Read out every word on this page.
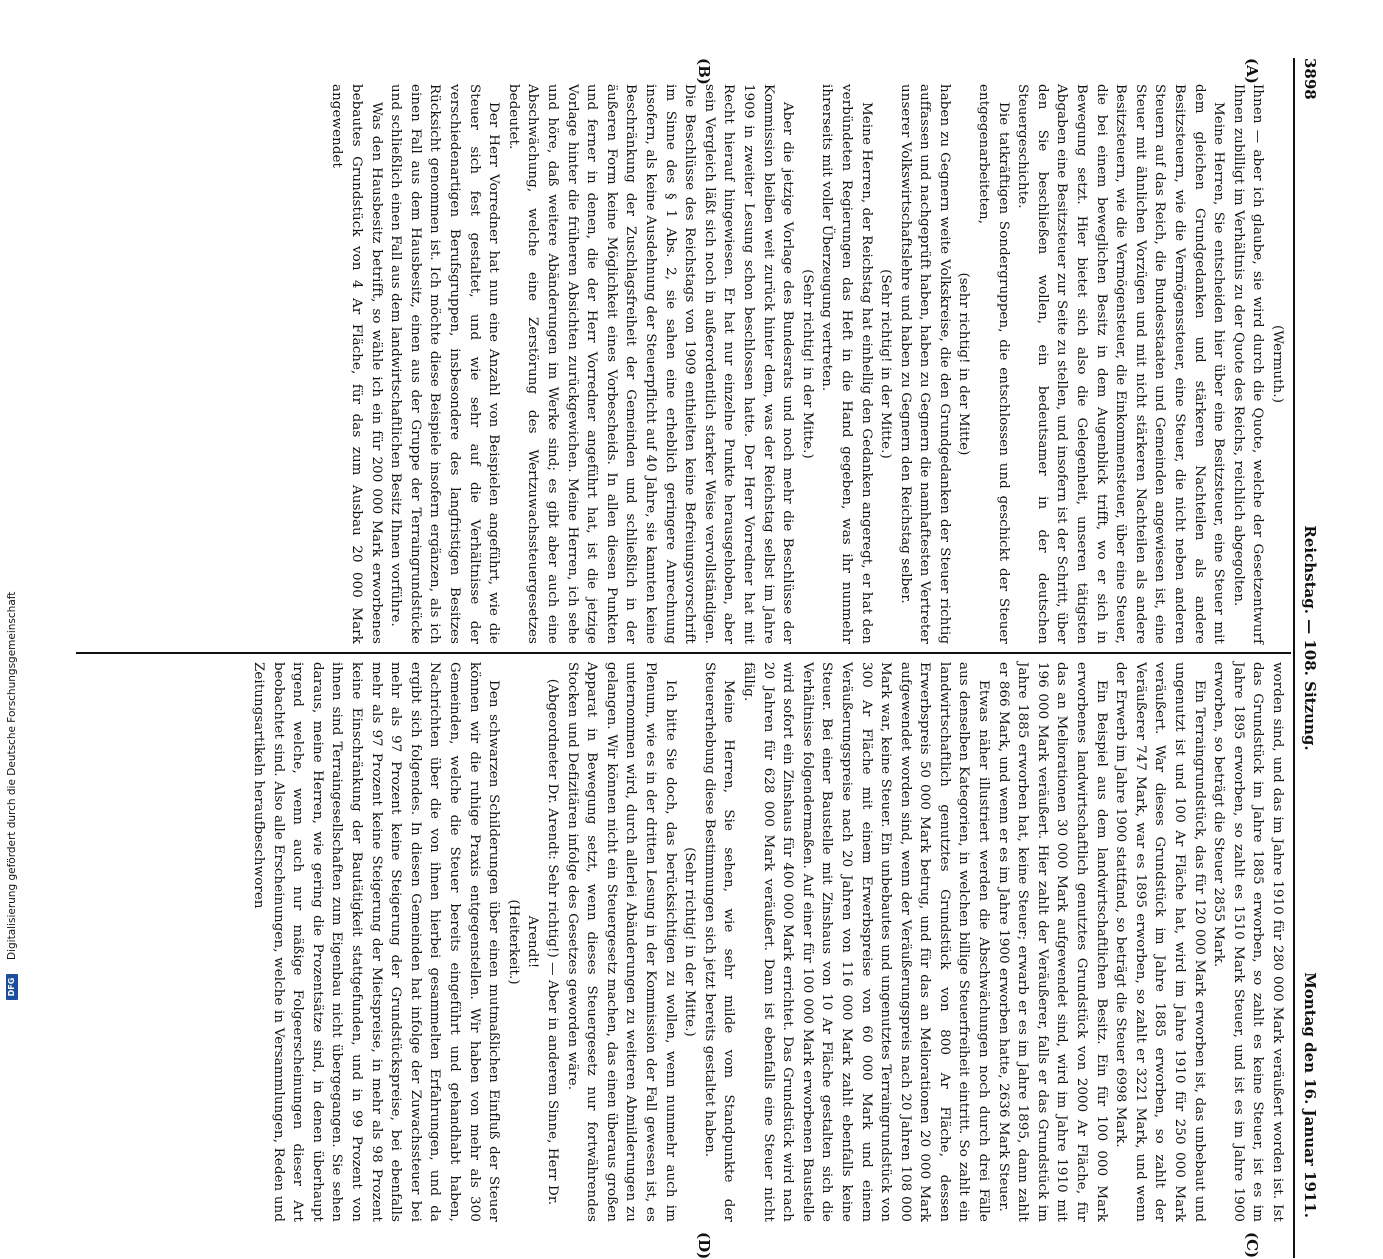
3898
Reichstag. — 108. Sitzung.
Montag den 16. Januar 1911.
(A)
(B)
(C)
(D)

(Wermuth.)

Ihnen — aber ich glaube, sie wird durch die Quote, welche der Gesetzentwurf Ihnen zubilligt im Verhältnis zu der Quote des Reichs, reichlich abgegolten.

Meine Herren, Sie entscheiden hier über eine Besitzsteuer, eine Steuer mit dem gleichen Grundgedanken und stärkeren Nachteilen als andere Besitzsteuern, wie die Vermögenssteuer, eine Steuer, die nicht neben anderen Steuern auf das Reich, die Bundesstaaten und Gemeinden angewiesen ist, eine Steuer mit ähnlichen Vorzügen und mit nicht stärkeren Nachteilen als andere Besitzsteuern, wie die Vermögensteuer, die Einkommensteuer, über eine Steuer, die bei einem beweglichen Besitz in dem Augenblick trifft, wo er sich in Bewegung setzt. Hier bietet sich also die Gelegenheit, unseren tätigsten Abgaben eine Besitzsteuer zur Seite zu stellen, und insofern ist der Schritt, über den Sie beschließen wollen, ein bedeutsamer in der deutschen Steuergeschichte.

Die tatkräftigen Sondergruppen, die entschlossen und geschickt der Steuer entgegenarbeiteten,

(sehr richtig! in der Mitte)

haben zu Gegnern weite Volkskreise, die den Grundgedanken der Steuer richtig auffassen und nachgeprüft haben, haben zu Gegnern die namhaftesten Vertreter unserer Volkswirtschaftslehre und haben zu Gegnern den Reichstag selber.

(Sehr richtig! in der Mitte.)

Meine Herren, der Reichstag hat einhellig den Gedanken angeregt, er hat den verbündeten Regierungen das Heft in die Hand gegeben, was ihr nunmehr ihrerseits mit voller Überzeugung vertreten.

(Sehr richtig! in der Mitte.)

Aber die jetzige Vorlage des Bundesrats und noch mehr die Beschlüsse der Kommission bleiben weit zurück hinter dem, was der Reichstag selbst im Jahre 1909 in zweiter Lesung schon beschlossen hatte. Der Herr Vorredner hat mit Recht hierauf hingewiesen. Er hat nur einzelne Punkte herausgehoben, aber sein Vergleich läßt sich noch in außerordentlich starker Weise vervollständigen. Die Beschlüsse des Reichstags von 1909 enthielten keine Befreiungsvorschrift im Sinne des § 1 Abs. 2, sie sahen eine erheblich geringere Anrechnung insofern, als keine Ausdehnung der Steuerpflicht auf 40 Jahre, sie kannten keine Beschränkung der Zuschlagsfreiheit der Gemeinden und schließlich in der äußeren Form keine Möglichkeit eines Vorbescheids. In allen diesen Punkten und ferner in denen, die der Herr Vorredner angeführt hat, ist die jetzige Vorlage hinter die früheren Absichten zurückgewichen. Meine Herren, ich sehe und höre, daß weitere Abänderungen im Werke sind; es gibt aber auch eine Abschwächung, welche eine Zerstörung des Wertzuwachssteuergesetzes bedeutet.

Der Herr Vorredner hat nun eine Anzahl von Beispielen angeführt, wie die Steuer sich fest gestaltet, und wie sehr auf die Verhältnisse der verschiedenartigen Berufsgruppen, insbesondere des langfristigen Besitzes Rücksicht genommen ist. Ich möchte diese Beispiele insofern ergänzen, als ich einen Fall aus dem Hausbesitz, einen aus der Gruppe der Terraingrundstücke und schließlich einen Fall aus dem landwirtschaftlichen Besitz Ihnen vorführe.

Was den Hausbesitz betrifft, so wähle ich ein für 200 000 Mark erworbenes bebautes Grundstück von 4 Ar Fläche, für das zum Ausbau 20 000 Mark angewendet

worden sind, und das im Jahre 1910 für 280 000 Mark veräußert worden ist. Ist das Grundstück im Jahre 1885 erworben, so zahlt es keine Steuer, ist es im Jahre 1895 erworben, so zahlt es 1510 Mark Steuer, und ist es im Jahre 1900 erworben, so beträgt die Steuer 2855 Mark.

Ein Terraingrundstück, das für 120 000 Mark erworben ist, das unbebaut und ungenutzt ist und 100 Ar Fläche hat, wird im Jahre 1910 für 250 000 Mark veräußert. War dieses Grundstück im Jahre 1885 erworben, so zahlt der Veräußerer 747 Mark, war es 1895 erworben, so zahlt er 3221 Mark, und wenn der Erwerb im Jahre 1900 stattfand, so beträgt die Steuer 6998 Mark.

Ein Beispiel aus dem landwirtschaftlichen Besitz. Ein für 100 000 Mark erworbenes landwirtschaftlich genutztes Grundstück von 2000 Ar Fläche, für das an Meliorationen 30 000 Mark aufgewendet sind, wird im Jahre 1910 mit 196 000 Mark veräußert. Hier zahlt der Veräußerer, falls er das Grundstück im Jahre 1885 erworben hat, keine Steuer; erwarb er es im Jahre 1895, dann zahlt er 866 Mark, und wenn er es im Jahre 1900 erworben hatte, 2636 Mark Steuer.

Etwas näher illustriert werden die Abschwächungen noch durch drei Fälle aus denselben Kategorien, in welchen billige Steuerfreiheit eintritt. So zahlt ein landwirtschaftlich genutztes Grundstück von 800 Ar Fläche, dessen Erwerbspreis 50 000 Mark betrug, und für das an Meliorationen 20 000 Mark aufgewendet worden sind, wenn der Veräußerungspreis nach 20 Jahren 108 000 Mark war, keine Steuer. Ein unbebautes und ungenutztes Terraingrundstück von 300 Ar Fläche mit einem Erwerbspreise von 60 000 Mark und einem Veräußerungspreise nach 20 Jahren von 116 000 Mark zahlt ebenfalls keine Steuer. Bei einer Baustelle mit Zinshaus von 10 Ar Fläche gestalten sich die Verhältnisse folgendermaßen. Auf einer für 100 000 Mark erworbenen Baustelle wird sofort ein Zinshaus für 400 000 Mark errichtet. Das Grundstück wird nach 20 Jahren für 628 000 Mark veräußert. Dann ist ebenfalls eine Steuer nicht fällig.

Meine Herren, Sie sehen, wie sehr milde vom Standpunkte der Steuererhebung diese Bestimmungen sich jetzt bereits gestaltet haben.

(Sehr richtig! in der Mitte.)

Ich bitte Sie doch, das berücksichtigen zu wollen, wenn nunmehr auch im Plenum, wie es in der dritten Lesung in der Kommission der Fall gewesen ist, es unternommen wird, durch allerlei Abänderungen zu weiteren Abmilderungen zu gelangen. Wir können nicht ein Steuergesetz machen, das einen überaus großen Apparat in Bewegung setzt, wenn dieses Steuergesetz nur fortwährendes Stocken und Defizitären infolge des Gesetzes geworden wäre.

(Abgeordneter Dr. Arendt: Sehr richtig!) — Aber in anderem Sinne, Herr Dr. Arendt!

(Heiterkeit.)

Den schwarzen Schilderungen über einen mutmaßlichen Einfluß der Steuer können wir die ruhige Praxis entgegenstellen. Wir haben von mehr als 300 Gemeinden, welche die Steuer bereits eingeführt und gehandhabt haben, Nachrichten über die von ihnen hierbei gesammelten Erfahrungen, und da ergibt sich folgendes. In diesen Gemeinden hat infolge der Zuwachssteuer bei mehr als 97 Prozent keine Steigerung der Grundstückspreise, bei ebenfalls mehr als 97 Prozent keine Steigerung der Mietspreise, in mehr als 98 Prozent keine Einschränkung der Bautätigkeit stattgefunden, und in 99 Prozent von ihnen sind Terraingesellschaften zum Eigenbau nicht übergegangen. Sie sehen daraus, meine Herren, wie gering die Prozentsätze sind, in denen überhaupt irgend welche, wenn auch nur mäßige Folgeerscheinungen dieser Art beobachtet sind. Also alle Erscheinungen, welche in Versammlungen, Reden und Zeitungsartikeln heraufbeschworen

DFG
Digitalisierung gefördert durch die Deutsche Forschungsgemeinschaft
